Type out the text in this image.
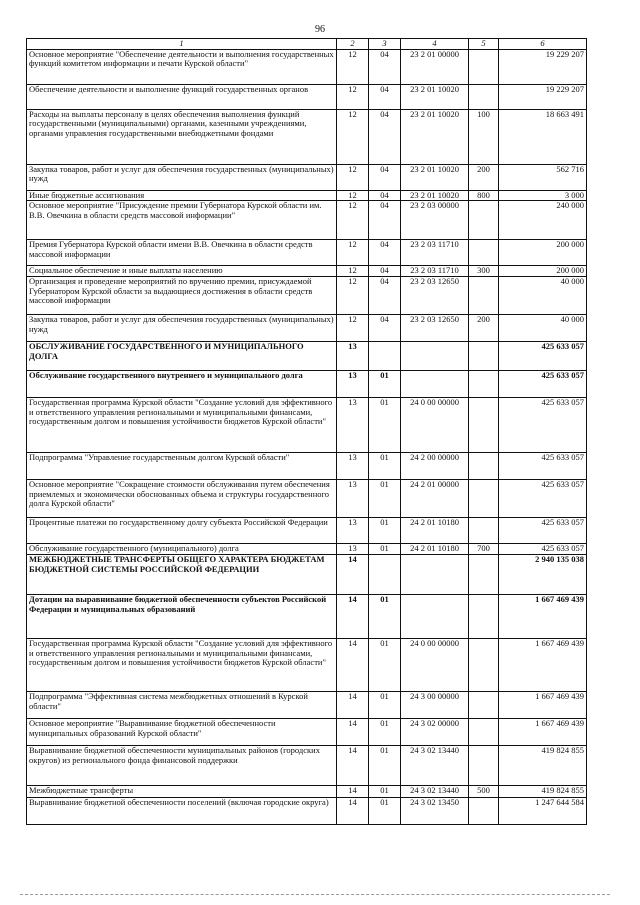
96
1	2	3	4	5	6
Основное мероприятие "Обеспечение деятельности и выполнения государственных функций комитетом информации и печати Курской области"	12	04	23 2 01 00000		19 229 207
Обеспечение деятельности и выполнение функций государственных органов	12	04	23 2 01 10020		19 229 207
Расходы на выплаты персоналу в целях обеспечения выполнения функций государственными (муниципальными) органами, казенными учреждениями, органами управления государственными внебюджетными фондами	12	04	23 2 01 10020	100	18 663 491
Закупка товаров, работ и услуг для обеспечения государственных (муниципальных) нужд	12	04	23 2 01 10020	200	562 716
Иные бюджетные ассигнования	12	04	23 2 01 10020	800	3 000
Основное мероприятие "Присуждение премии Губернатора Курской области им. В.В. Овечкина в области средств массовой информации"	12	04	23 2 03 00000		240 000
Премия Губернатора Курской области имени В.В. Овечкина в области средств массовой информации	12	04	23 2 03 11710		200 000
Социальное обеспечение и иные выплаты населению	12	04	23 2 03 11710	300	200 000
Организация и проведение мероприятий по вручению премии, присуждаемой Губернатором Курской области за выдающиеся достижения в области средств массовой информации	12	04	23 2 03 12650		40 000
Закупка товаров, работ и услуг для обеспечения государственных (муниципальных) нужд	12	04	23 2 03 12650	200	40 000
ОБСЛУЖИВАНИЕ ГОСУДАРСТВЕННОГО И МУНИЦИПАЛЬНОГО ДОЛГА	13				425 633 057
Обслуживание государственного внутреннего и муниципального долга	13	01			425 633 057
Государственная программа Курской области "Создание условий для эффективного и ответственного управления региональными и муниципальными финансами, государственным долгом и повышения устойчивости бюджетов Курской области"	13	01	24 0 00 00000		425 633 057
Подпрограмма "Управление государственным долгом Курской области"	13	01	24 2 00 00000		425 633 057
Основное мероприятие "Сокращение стоимости обслуживания путем обеспечения приемлемых и экономически обоснованных объема и структуры государственного долга Курской области"	13	01	24 2 01 00000		425 633 057
Процентные платежи по государственному долгу субъекта Российской Федерации	13	01	24 2 01 10180		425 633 057
Обслуживание государственного (муниципального) долга	13	01	24 2 01 10180	700	425 633 057
МЕЖБЮДЖЕТНЫЕ ТРАНСФЕРТЫ ОБЩЕГО ХАРАКТЕРА БЮДЖЕТАМ БЮДЖЕТНОЙ СИСТЕМЫ РОССИЙСКОЙ ФЕДЕРАЦИИ	14				2 940 135 038
Дотации на выравнивание бюджетной обеспеченности субъектов Российской Федерации и муниципальных образований	14	01			1 667 469 439
Государственная программа Курской области "Создание условий для эффективного и ответственного управления региональными и муниципальными финансами, государственным долгом и повышения устойчивости бюджетов Курской области"	14	01	24 0 00 00000		1 667 469 439
Подпрограмма "Эффективная система межбюджетных отношений в Курской области"	14	01	24 3 00 00000		1 667 469 439
Основное мероприятие "Выравнивание бюджетной обеспеченности муниципальных образований Курской области"	14	01	24 3 02 00000		1 667 469 439
Выравнивание бюджетной обеспеченности муниципальных районов (городских округов) из регионального фонда финансовой поддержки	14	01	24 3 02 13440		419 824 855
Межбюджетные трансферты	14	01	24 3 02 13440	500	419 824 855
Выравнивание бюджетной обеспеченности поселений (включая городские округа)	14	01	24 3 02 13450		1 247 644 584
